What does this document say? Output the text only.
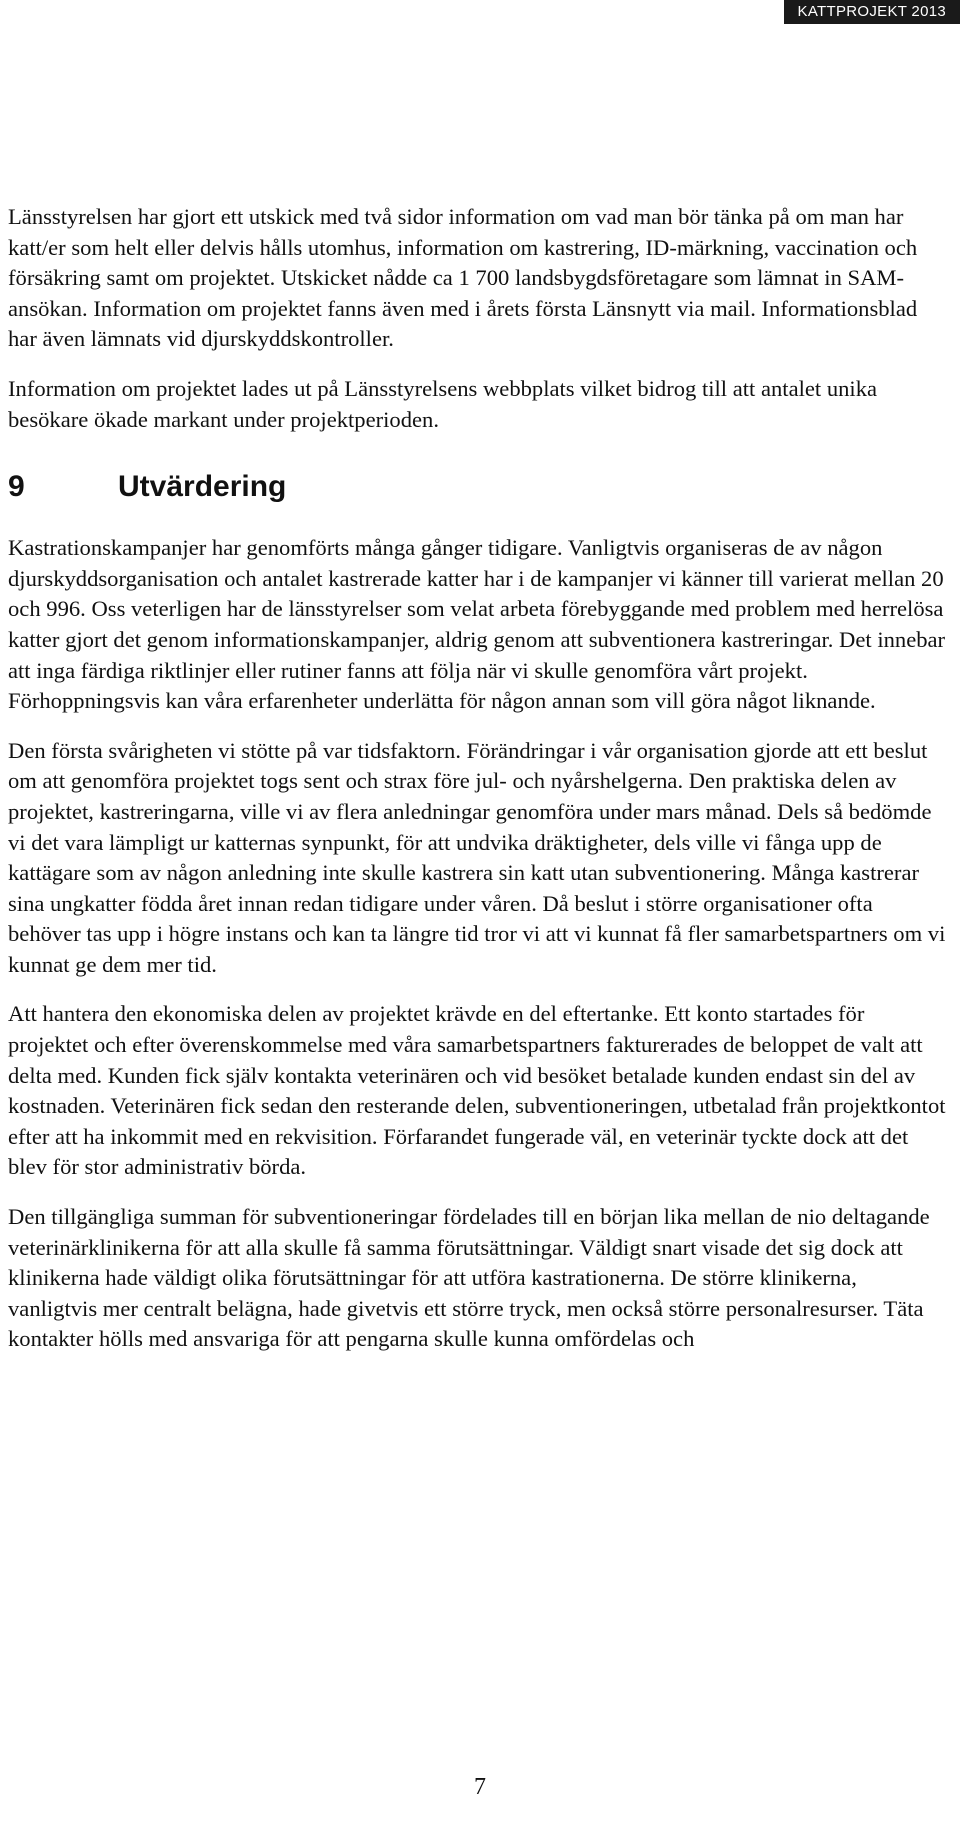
KATTPROJEKT 2013

Länsstyrelsen har gjort ett utskick med två sidor information om vad man bör tänka på om man har katt/er som helt eller delvis hålls utomhus, information om kastrering, ID-märkning, vaccination och försäkring samt om projektet. Utskicket nådde ca 1 700 landsbygdsföretagare som lämnat in SAM-ansökan. Information om projektet fanns även med i årets första Länsnytt via mail. Informationsblad har även lämnats vid djurskyddskontroller.

Information om projektet lades ut på Länsstyrelsens webbplats vilket bidrog till att antalet unika besökare ökade markant under projektperioden.

9	Utvärdering

Kastrationskampanjer har genomförts många gånger tidigare. Vanligtvis organiseras de av någon djurskyddsorganisation och antalet kastrerade katter har i de kampanjer vi känner till varierat mellan 20 och 996. Oss veterligen har de länsstyrelser som velat arbeta förebyggande med problem med herrelösa katter gjort det genom informationskampanjer, aldrig genom att subventionera kastreringar. Det innebar att inga färdiga riktlinjer eller rutiner fanns att följa när vi skulle genomföra vårt projekt. Förhoppningsvis kan våra erfarenheter underlätta för någon annan som vill göra något liknande.

Den första svårigheten vi stötte på var tidsfaktorn. Förändringar i vår organisation gjorde att ett beslut om att genomföra projektet togs sent och strax före jul- och nyårshelgerna. Den praktiska delen av projektet, kastreringarna, ville vi av flera anledningar genomföra under mars månad. Dels så bedömde vi det vara lämpligt ur katternas synpunkt, för att undvika dräktigheter, dels ville vi fånga upp de kattägare som av någon anledning inte skulle kastrera sin katt utan subventionering. Många kastrerar sina ungkatter födda året innan redan tidigare under våren. Då beslut i större organisationer ofta behöver tas upp i högre instans och kan ta längre tid tror vi att vi kunnat få fler samarbetspartners om vi kunnat ge dem mer tid.

Att hantera den ekonomiska delen av projektet krävde en del eftertanke. Ett konto startades för projektet och efter överenskommelse med våra samarbetspartners fakturerades de beloppet de valt att delta med. Kunden fick själv kontakta veterinären och vid besöket betalade kunden endast sin del av kostnaden. Veterinären fick sedan den resterande delen, subventioneringen, utbetalad från projektkontot efter att ha inkommit med en rekvisition. Förfarandet fungerade väl, en veterinär tyckte dock att det blev för stor administrativ börda.

Den tillgängliga summan för subventioneringar fördelades till en början lika mellan de nio deltagande veterinärklinikerna för att alla skulle få samma förutsättningar. Väldigt snart visade det sig dock att klinikerna hade väldigt olika förutsättningar för att utföra kastrationerna. De större klinikerna, vanligtvis mer centralt belägna, hade givetvis ett större tryck, men också större personalresurser. Täta kontakter hölls med ansvariga för att pengarna skulle kunna omfördelas och

7
